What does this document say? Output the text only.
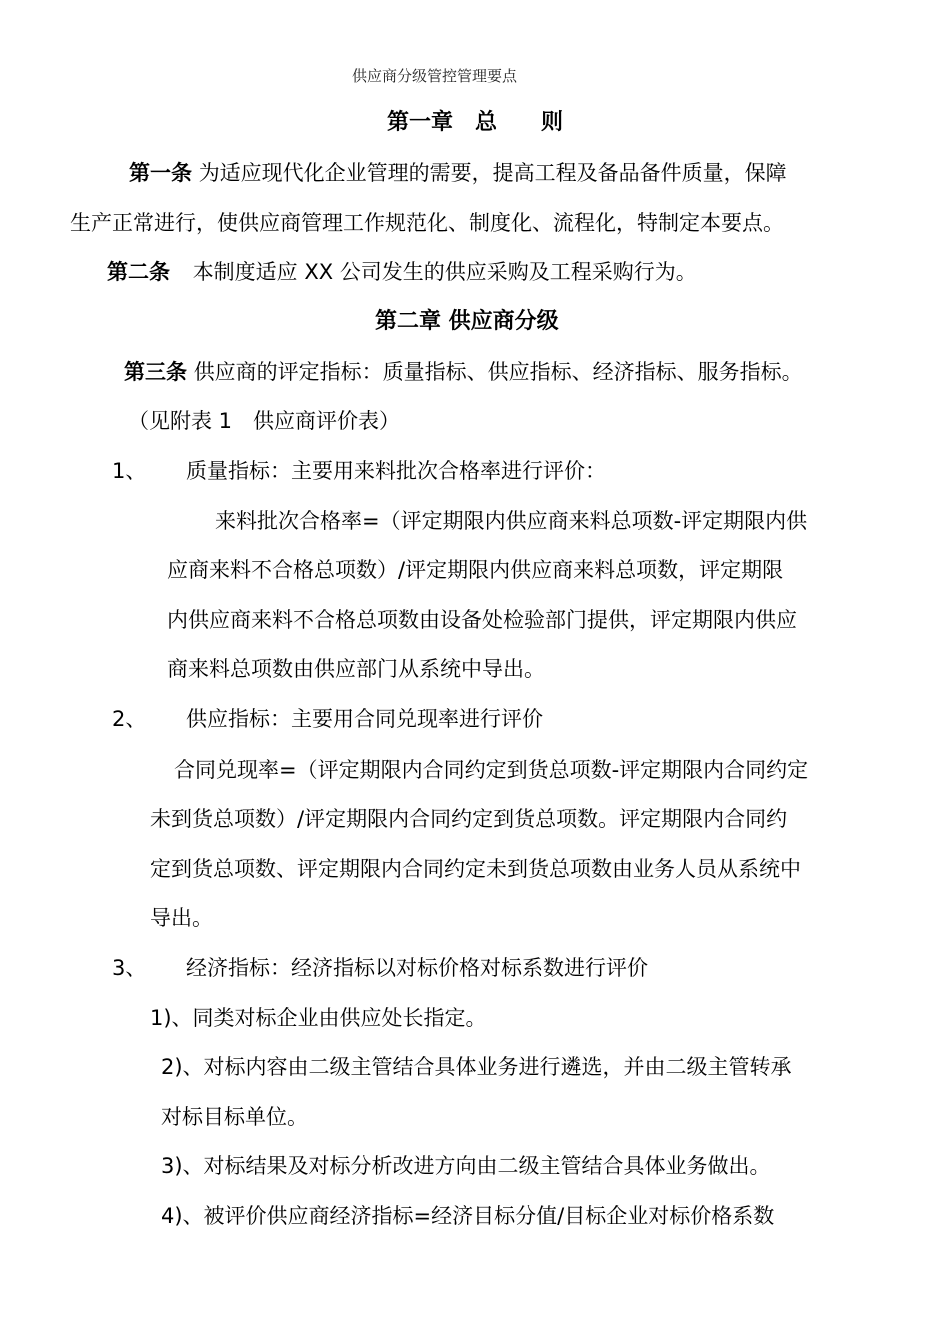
供应商分级管控管理要点
第一章　总　　则
第一条 为适应现代化企业管理的需要，提高工程及备品备件质量，保障
生产正常进行，使供应商管理工作规范化、制度化、流程化，特制定本要点。
第二条 本制度适应 XX 公司发生的供应采购及工程采购行为。
第二章 供应商分级
第三条 供应商的评定指标：质量指标、供应指标、经济指标、服务指标。
（见附表 1　供应商评价表）
1、 质量指标：主要用来料批次合格率进行评价：
来料批次合格率=（评定期限内供应商来料总项数-评定期限内供
应商来料不合格总项数）/评定期限内供应商来料总项数，评定期限
内供应商来料不合格总项数由设备处检验部门提供，评定期限内供应
商来料总项数由供应部门从系统中导出。
2、 供应指标：主要用合同兑现率进行评价
合同兑现率=（评定期限内合同约定到货总项数-评定期限内合同约定
未到货总项数）/评定期限内合同约定到货总项数。评定期限内合同约
定到货总项数、评定期限内合同约定未到货总项数由业务人员从系统中
导出。
3、 经济指标：经济指标以对标价格对标系数进行评价
1)、同类对标企业由供应处长指定。
2)、对标内容由二级主管结合具体业务进行遴选，并由二级主管转承
对标目标单位。
3)、对标结果及对标分析改进方向由二级主管结合具体业务做出。
4)、被评价供应商经济指标=经济目标分值/目标企业对标价格系数
